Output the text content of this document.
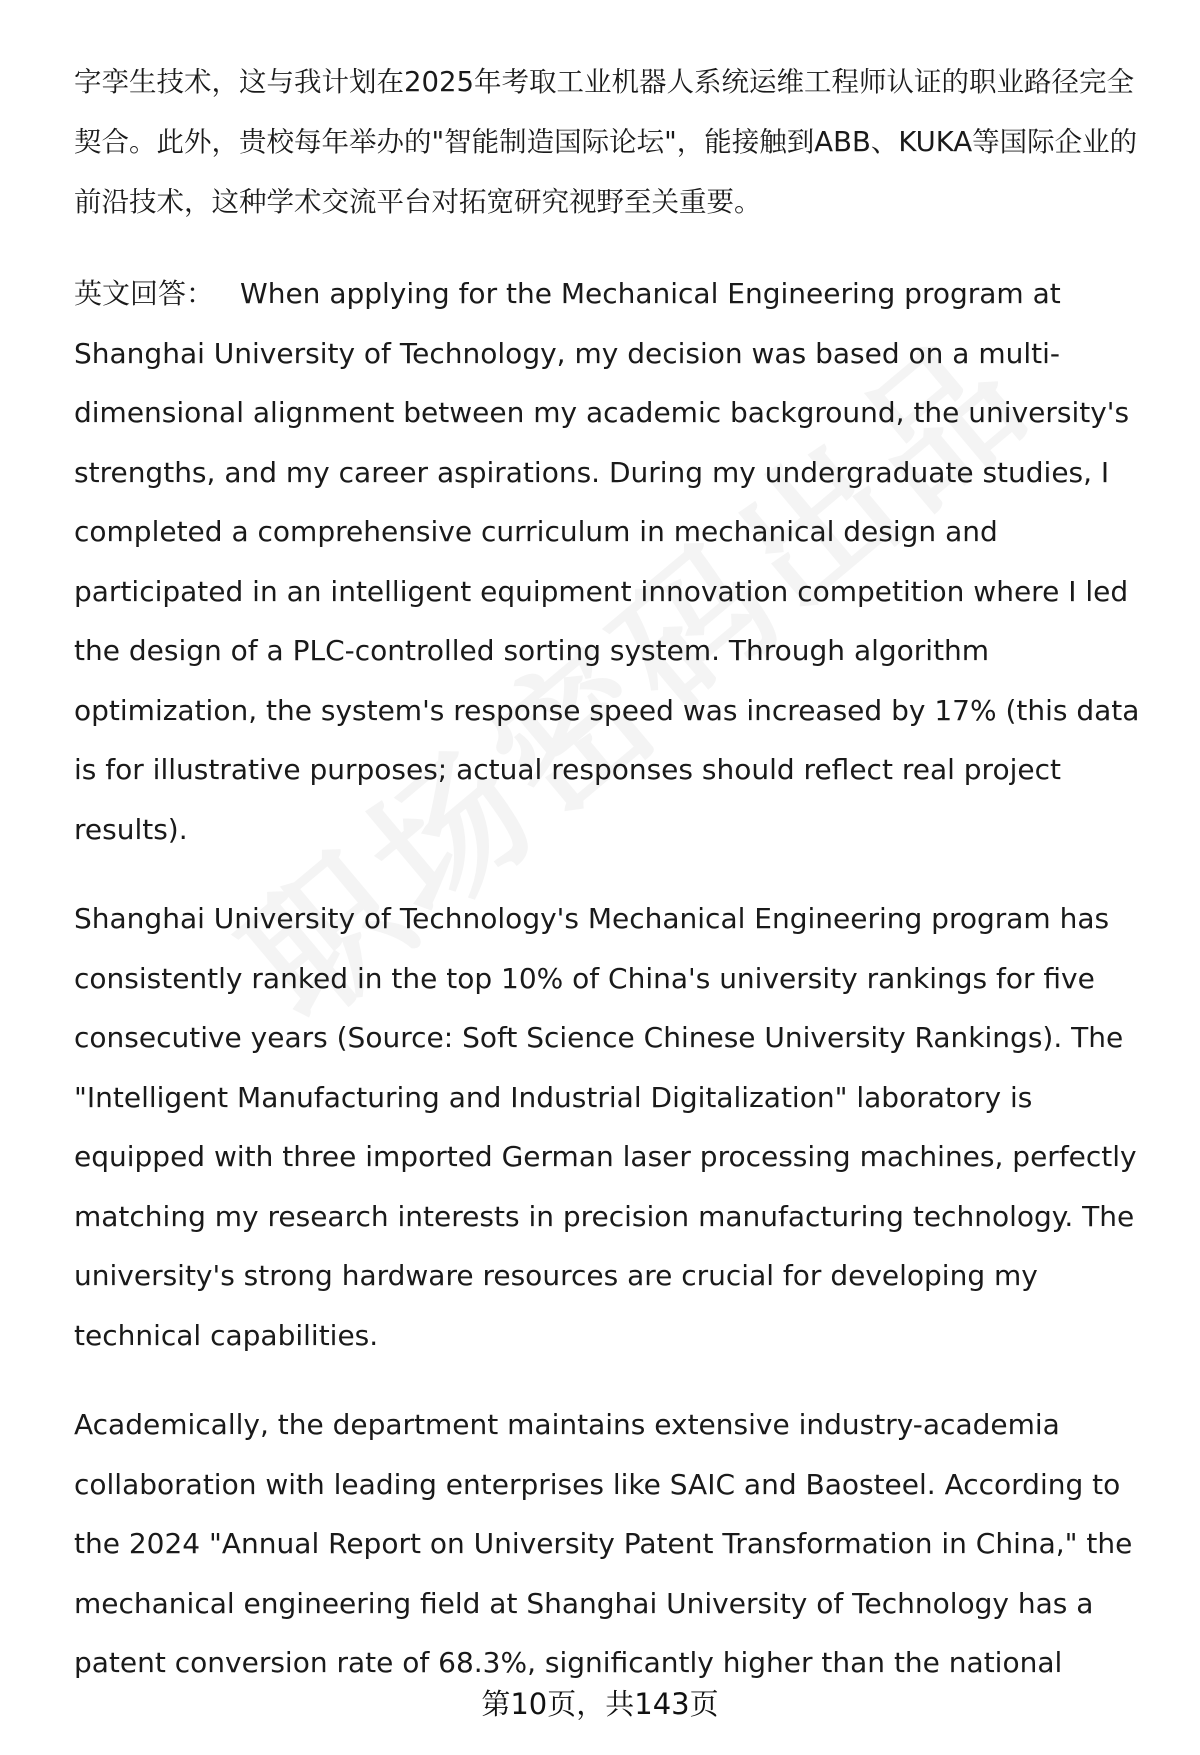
字孪生技术，这与我计划在2025年考取工业机器人系统运维工程师认证的职业路径完全契合。此外，贵校每年举办的"智能制造国际论坛"，能接触到ABB、KUKA等国际企业的前沿技术，这种学术交流平台对拓宽研究视野至关重要。

英文回答： When applying for the Mechanical Engineering program at Shanghai University of Technology, my decision was based on a multi-dimensional alignment between my academic background, the university's strengths, and my career aspirations. During my undergraduate studies, I completed a comprehensive curriculum in mechanical design and participated in an intelligent equipment innovation competition where I led the design of a PLC-controlled sorting system. Through algorithm optimization, the system's response speed was increased by 17% (this data is for illustrative purposes; actual responses should reflect real project results).

Shanghai University of Technology's Mechanical Engineering program has consistently ranked in the top 10% of China's university rankings for five consecutive years (Source: Soft Science Chinese University Rankings). The "Intelligent Manufacturing and Industrial Digitalization" laboratory is equipped with three imported German laser processing machines, perfectly matching my research interests in precision manufacturing technology. The university's strong hardware resources are crucial for developing my technical capabilities.

Academically, the department maintains extensive industry-academia collaboration with leading enterprises like SAIC and Baosteel. According to the 2024 "Annual Report on University Patent Transformation in China," the mechanical engineering field at Shanghai University of Technology has a patent conversion rate of 68.3%, significantly higher than the national

第10页，共143页
